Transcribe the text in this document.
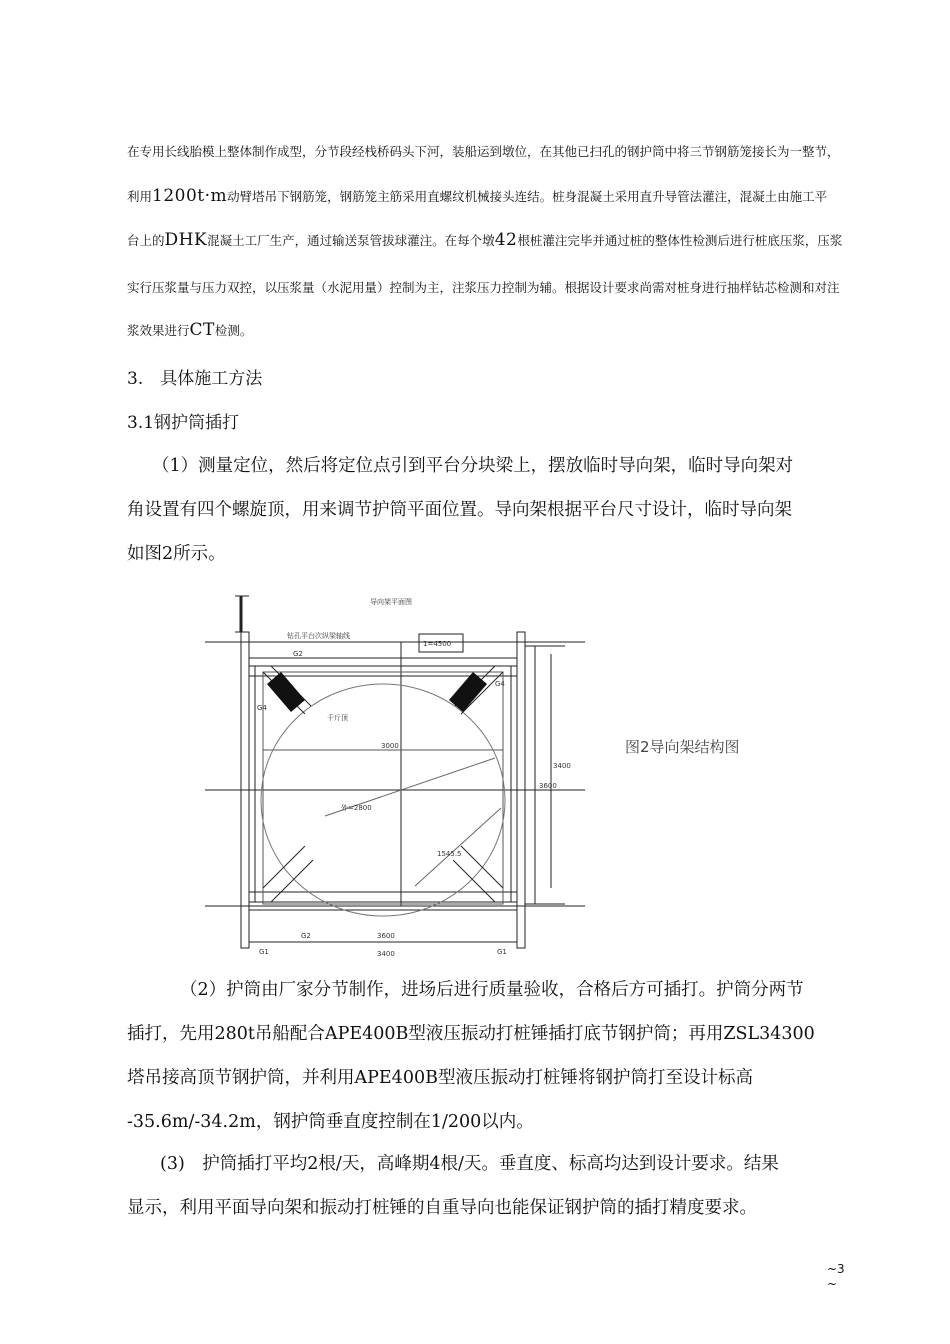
在专用长线胎模上整体制作成型，分节段经栈桥码头下河，装船运到墩位，在其他已扫孔的钢护筒中将三节钢筋笼接长为一整节，
利用1200t·m动臂塔吊下钢筋笼，钢筋笼主筋采用直螺纹机械接头连结。桩身混凝土采用直升导管法灌注，混凝土由施工平
台上的DHK混凝土工厂生产，通过输送泵管拔球灌注。在每个墩42根桩灌注完毕并通过桩的整体性检测后进行桩底压浆，压浆
实行压浆量与压力双控，以压浆量（水泥用量）控制为主，注浆压力控制为辅。根据设计要求尚需对桩身进行抽样钻芯检测和对注
浆效果进行CT检测。
3.　具体施工方法
3.1钢护筒插打
（1）测量定位，然后将定位点引到平台分块梁上，摆放临时导向架，临时导向架对
角设置有四个螺旋顶，用来调节护筒平面位置。导向架根据平台尺寸设计，临时导向架
如图2所示。
导向架平面图
钻孔平台次纵梁轴线
G2
G4
G4
千斤顶
3000
外=2800
1545.5
G2
G1	G1
3400
3600
3600
3400
1=4500
图2导向架结构图
（2）护筒由厂家分节制作，进场后进行质量验收，合格后方可插打。护筒分两节
插打，先用280t吊船配合APE400B型液压振动打桩锤插打底节钢护筒；再用ZSL34300
塔吊接高顶节钢护筒，并利用APE400B型液压振动打桩锤将钢护筒打至设计标高
-35.6m/-34.2m，钢护筒垂直度控制在1/200以内。
(3)　护筒插打平均2根/天，高峰期4根/天。垂直度、标高均达到设计要求。结果
显示，利用平面导向架和振动打桩锤的自重导向也能保证钢护筒的插打精度要求。
~3
~
